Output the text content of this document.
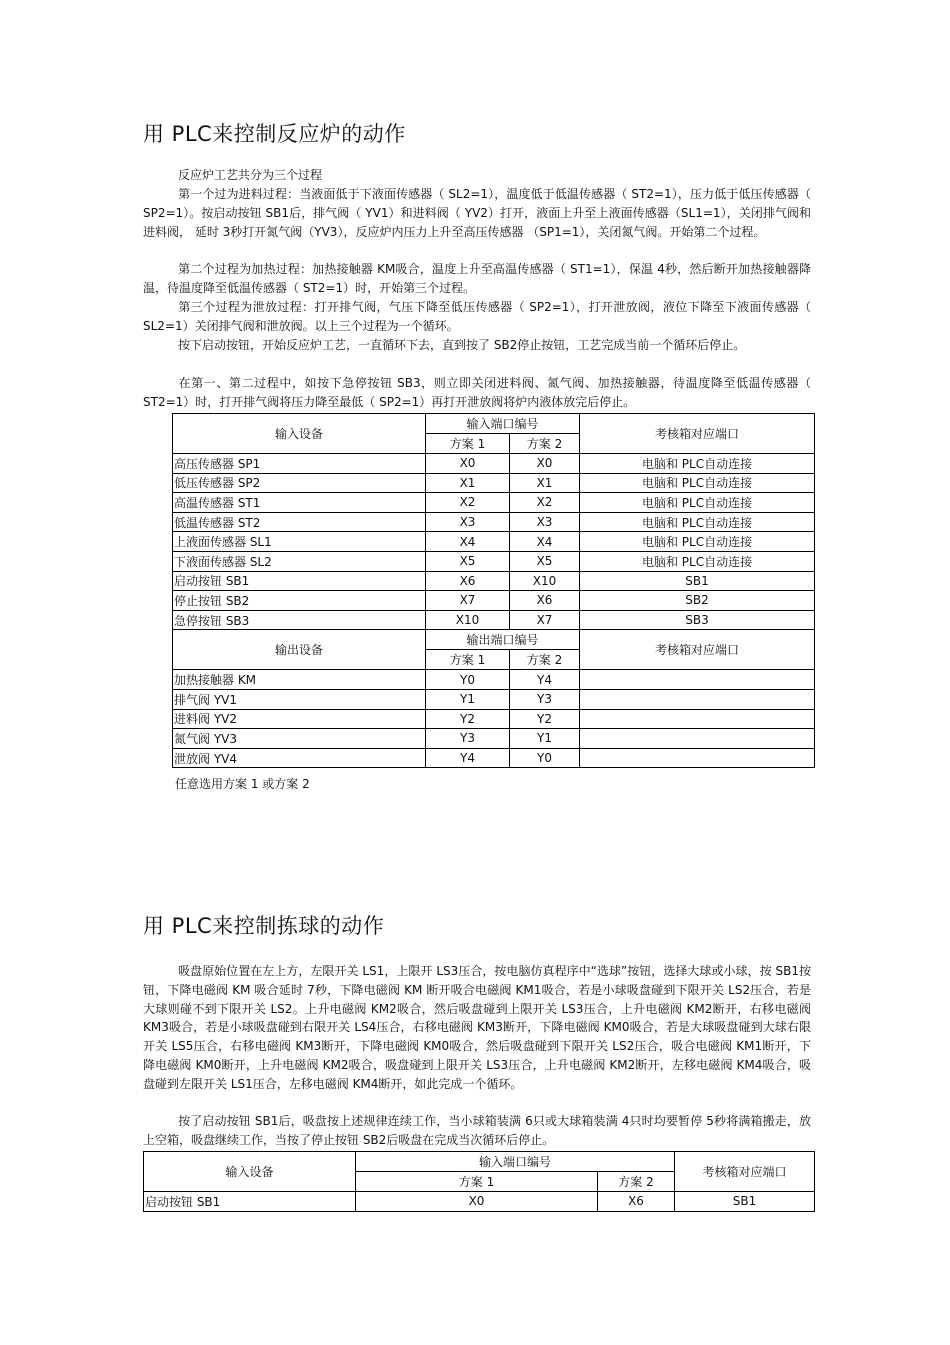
用 PLC来控制反应炉的动作

反应炉工艺共分为三个过程

第一个过为进料过程：当液面低于下液面传感器（ SL2=1），温度低于低温传感器（ ST2=1），压力低于低压传感器（ SP2=1）。按启动按钮 SB1后，排气阀（ YV1）和进料阀（ YV2）打开，液面上升至上液面传感器（SL1=1），关闭排气阀和进料阀， 延时 3秒打开氮气阀（YV3），反应炉内压力上升至高压传感器 （SP1=1），关闭氮气阀。开始第二个过程。

第二个过程为加热过程：加热接触器 KM吸合，温度上升至高温传感器（ ST1=1），保温 4秒，然后断开加热接触器降温，待温度降至低温传感器（ ST2=1）时，开始第三个过程。

第三个过程为泄放过程：打开排气阀，气压下降至低压传感器（ SP2=1），打开泄放阀，液位下降至下液面传感器（ SL2=1）关闭排气阀和泄放阀。以上三个过程为一个循环。

按下启动按钮，开始反应炉工艺，一直循环下去，直到按了 SB2停止按钮，工艺完成当前一个循环后停止。

在第一、第二过程中，如按下急停按钮 SB3，则立即关闭进料阀、氮气阀、加热接触器，待温度降至低温传感器（ ST2=1）时，打开排气阀将压力降至最低（ SP2=1）再打开泄放阀将炉内液体放完后停止。

输入设备	输入端口编号		考核箱对应端口
	方案 1	方案 2	
高压传感器 SP1	X0	X0	电脑和 PLC自动连接
低压传感器 SP2	X1	X1	电脑和 PLC自动连接
高温传感器 ST1	X2	X2	电脑和 PLC自动连接
低温传感器 ST2	X3	X3	电脑和 PLC自动连接
上液面传感器 SL1	X4	X4	电脑和 PLC自动连接
下液面传感器 SL2	X5	X5	电脑和 PLC自动连接
启动按钮 SB1	X6	X10	SB1
停止按钮 SB2	X7	X6	SB2
急停按钮 SB3	X10	X7	SB3
输出设备	输出端口编号		考核箱对应端口
	方案 1	方案 2	
加热接触器 KM	Y0	Y4	
排气阀 YV1	Y1	Y3	
进料阀 YV2	Y2	Y2	
氮气阀 YV3	Y3	Y1	
泄放阀 YV4	Y4	Y0	
任意选用方案 1 或方案 2
用 PLC来控制拣球的动作

吸盘原始位置在左上方，左限开关 LS1，上限开 LS3压合，按电脑仿真程序中“选球”按钮，选择大球或小球，按 SB1按钮，下降电磁阀 KM 吸合延时 7秒，下降电磁阀 KM 断开吸合电磁阀 KM1吸合，若是小球吸盘碰到下限开关 LS2压合，若是大球则碰不到下限开关 LS2。上升电磁阀 KM2吸合，然后吸盘碰到上限开关 LS3压合，上升电磁阀 KM2断开，右移电磁阀 KM3吸合，若是小球吸盘碰到右限开关 LS4压合，右移电磁阀 KM3断开，下降电磁阀 KM0吸合，若是大球吸盘碰到大球右限开关 LS5压合，右移电磁阀 KM3断开，下降电磁阀 KM0吸合，然后吸盘碰到下限开关 LS2压合，吸合电磁阀 KM1断开，下降电磁阀 KM0断开，上升电磁阀 KM2吸合，吸盘碰到上限开关 LS3压合，上升电磁阀 KM2断开，左移电磁阀 KM4吸合，吸盘碰到左限开关 LS1压合，左移电磁阀 KM4断开，如此完成一个循环。

按了启动按钮 SB1后，吸盘按上述规律连续工作，当小球箱装满 6只或大球箱装满 4只时均要暂停 5秒将满箱搬走，放上空箱，吸盘继续工作，当按了停止按钮 SB2后吸盘在完成当次循环后停止。

输入设备	输入端口编号		考核箱对应端口
	方案 1	方案 2	
启动按钮 SB1	X0	X6	SB1
